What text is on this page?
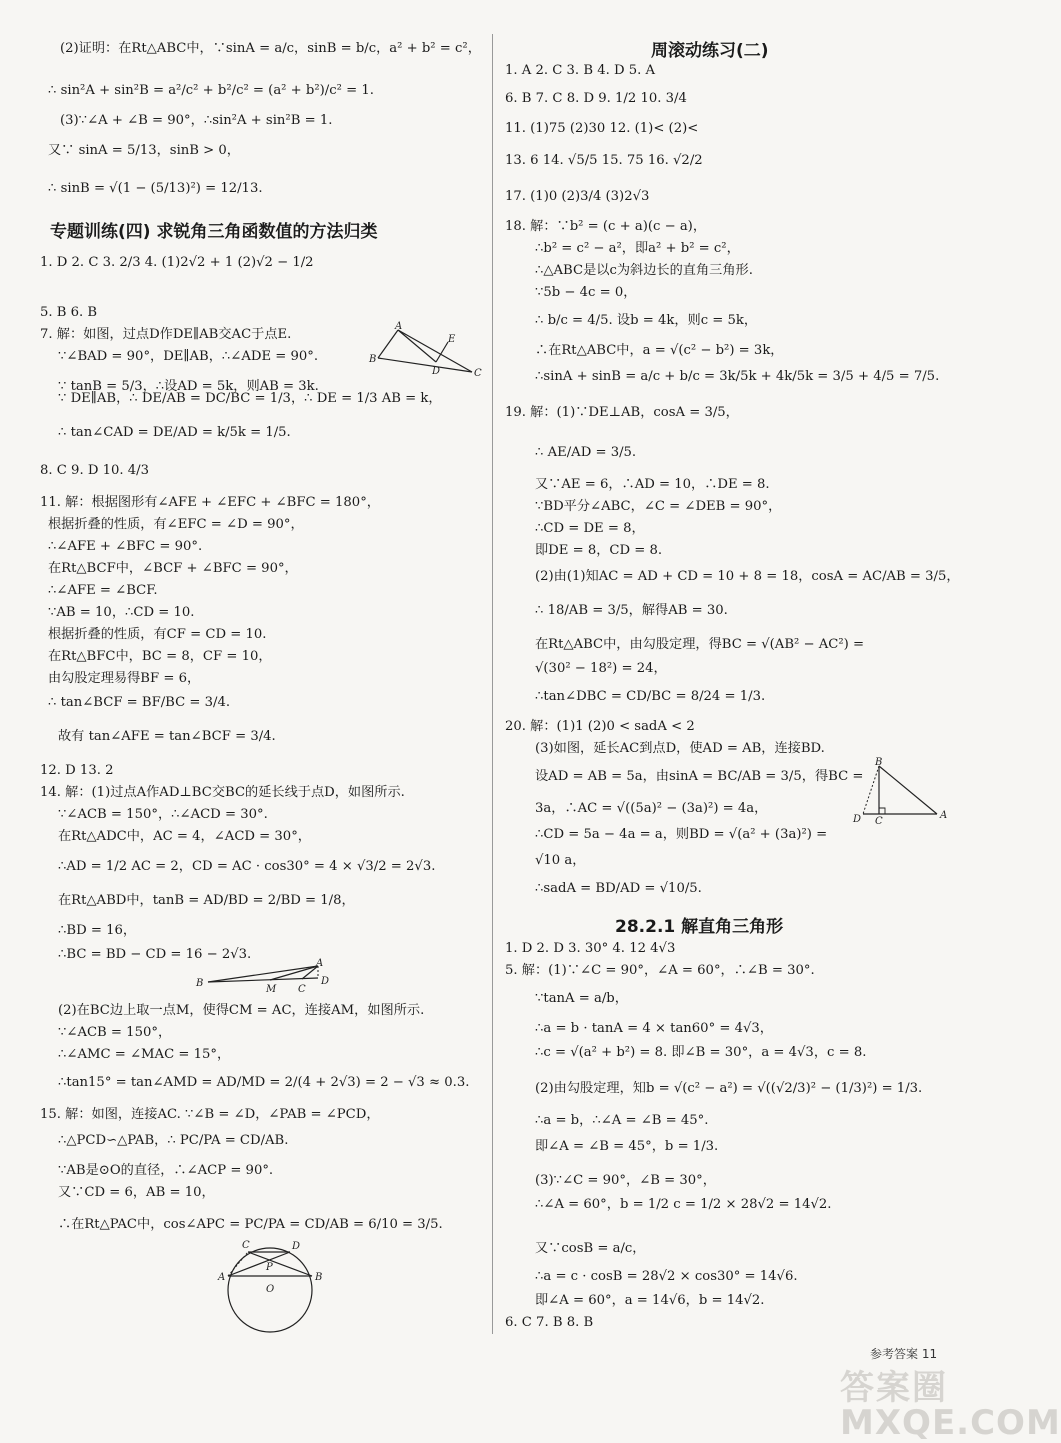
(2)证明：在Rt△ABC中，∵sinA = a/c，sinB = b/c，a² + b² = c²，
∴ sin²A + sin²B = a²/c² + b²/c² = (a² + b²)/c² = 1.
(3)∵∠A + ∠B = 90°，∴sin²A + sin²B = 1.
又∵ sinA = 5/13，sinB > 0，
∴ sinB = √(1 − (5/13)²) = 12/13.
专题训练(四) 求锐角三角函数值的方法归类
1. D 2. C 3. 2/3 4. (1)2√2 + 1 (2)√2 − 1/2
5. B 6. B
7. 解：如图，过点D作DE∥AB交AC于点E.
∵∠BAD = 90°，DE∥AB，∴∠ADE = 90°.
∵ tanB = 5/3，∴设AD = 5k，则AB = 3k.
∵ DE∥AB，∴ DE/AB = DC/BC = 1/3，∴ DE = 1/3 AB = k，
∴ tan∠CAD = DE/AD = k/5k = 1/5.
8. C 9. D 10. 4/3
11. 解：根据图形有∠AFE + ∠EFC + ∠BFC = 180°，
根据折叠的性质，有∠EFC = ∠D = 90°，
∴∠AFE + ∠BFC = 90°.
在Rt△BCF中，∠BCF + ∠BFC = 90°，
∴∠AFE = ∠BCF.
∵AB = 10，∴CD = 10.
根据折叠的性质，有CF = CD = 10.
在Rt△BFC中，BC = 8，CF = 10，
由勾股定理易得BF = 6，
∴ tan∠BCF = BF/BC = 3/4.
故有 tan∠AFE = tan∠BCF = 3/4.
12. D 13. 2
14. 解：(1)过点A作AD⊥BC交BC的延长线于点D，如图所示.
∵∠ACB = 150°，∴∠ACD = 30°.
在Rt△ADC中，AC = 4，∠ACD = 30°，
∴AD = 1/2 AC = 2，CD = AC · cos30° = 4 × √3/2 = 2√3.
在Rt△ABD中，tanB = AD/BD = 2/BD = 1/8，
∴BD = 16，
∴BC = BD − CD = 16 − 2√3.
(2)在BC边上取一点M，使得CM = AC，连接AM，如图所示.
∵∠ACB = 150°，
∴∠AMC = ∠MAC = 15°，
∴tan15° = tan∠AMD = AD/MD = 2/(4 + 2√3) = 2 − √3 ≈ 0.3.
15. 解：如图，连接AC. ∵∠B = ∠D，∠PAB = ∠PCD，
∴△PCD∽△PAB，∴ PC/PA = CD/AB.
∵AB是⊙O的直径，∴∠ACP = 90°.
又∵CD = 6，AB = 10，
∴在Rt△PAC中，cos∠APC = PC/PA = CD/AB = 6/10 = 3/5.
A
B
D
E
C
B
M C
A
D
C	D
P
A
O
B
周滚动练习(二)
1. A 2. C 3. B 4. D 5. A
6. B 7. C 8. D 9. 1/2 10. 3/4
11. (1)75 (2)30 12. (1)< (2)<
13. 6 14. √5/5 15. 75 16. √2/2
17. (1)0 (2)3/4 (3)2√3
18. 解：∵b² = (c + a)(c − a)，
∴b² = c² − a²，即a² + b² = c²，
∴△ABC是以c为斜边长的直角三角形.
∵5b − 4c = 0，
∴ b/c = 4/5. 设b = 4k，则c = 5k，
∴在Rt△ABC中，a = √(c² − b²) = 3k，
∴sinA + sinB = a/c + b/c = 3k/5k + 4k/5k = 3/5 + 4/5 = 7/5.
19. 解：(1)∵DE⊥AB，cosA = 3/5，
∴ AE/AD = 3/5.
又∵AE = 6，∴AD = 10，∴DE = 8.
∵BD平分∠ABC，∠C = ∠DEB = 90°，
∴CD = DE = 8，
即DE = 8，CD = 8.
(2)由(1)知AC = AD + CD = 10 + 8 = 18，cosA = AC/AB = 3/5，
∴ 18/AB = 3/5，解得AB = 30.
在Rt△ABC中，由勾股定理，得BC = √(AB² − AC²) =
√(30² − 18²) = 24，
∴tan∠DBC = CD/BC = 8/24 = 1/3.
20. 解：(1)1 (2)0 < sadA < 2
(3)如图，延长AC到点D，使AD = AB，连接BD.
设AD = AB = 5a，由sinA = BC/AB = 3/5，得BC =
3a，∴AC = √((5a)² − (3a)²) = 4a，
∴CD = 5a − 4a = a，则BD = √(a² + (3a)²) =
√10 a，
∴sadA = BD/AD = √10/5.
28.2.1 解直角三角形
1. D 2. D 3. 30° 4. 12 4√3
5. 解：(1)∵∠C = 90°，∠A = 60°，∴∠B = 30°.
∵tanA = a/b，
∴a = b · tanA = 4 × tan60° = 4√3，
∴c = √(a² + b²) = 8. 即∠B = 30°，a = 4√3，c = 8.
(2)由勾股定理，知b = √(c² − a²) = √((√2/3)² − (1/3)²) = 1/3.
∴a = b，∴∠A = ∠B = 45°.
即∠A = ∠B = 45°，b = 1/3.
(3)∵∠C = 90°，∠B = 30°，
∴∠A = 60°，b = 1/2 c = 1/2 × 28√2 = 14√2.
又∵cosB = a/c，
∴a = c · cosB = 28√2 × cos30° = 14√6.
即∠A = 60°，a = 14√6，b = 14√2.
6. C 7. B 8. B
B
D C
A
参考答案 11
答案圈
MXQE.COM
